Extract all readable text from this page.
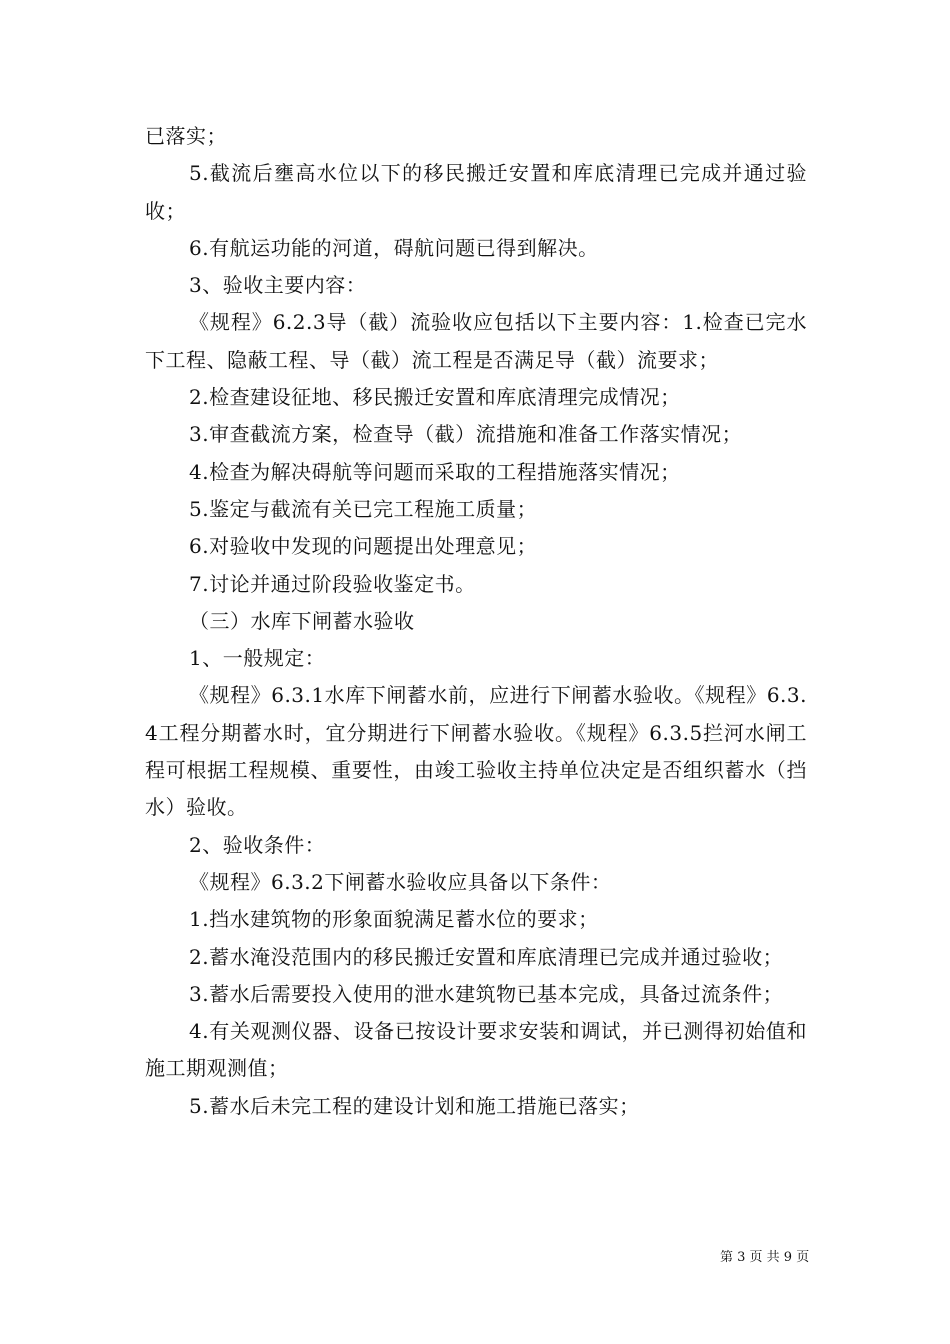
已落实；

5.截流后壅高水位以下的移民搬迁安置和库底清理已完成并通过验收；

6.有航运功能的河道，碍航问题已得到解决。

3、验收主要内容：

《规程》6.2.3导（截）流验收应包括以下主要内容：1.检查已完水下工程、隐蔽工程、导（截）流工程是否满足导（截）流要求；

2.检查建设征地、移民搬迁安置和库底清理完成情况；

3.审查截流方案，检查导（截）流措施和准备工作落实情况；

4.检查为解决碍航等问题而采取的工程措施落实情况；

5.鉴定与截流有关已完工程施工质量；

6.对验收中发现的问题提出处理意见；

7.讨论并通过阶段验收鉴定书。

（三）水库下闸蓄水验收

1、一般规定：

《规程》6.3.1水库下闸蓄水前，应进行下闸蓄水验收。《规程》6.3.4工程分期蓄水时，宜分期进行下闸蓄水验收。《规程》6.3.5拦河水闸工程可根据工程规模、重要性，由竣工验收主持单位决定是否组织蓄水（挡水）验收。

2、验收条件：

《规程》6.3.2下闸蓄水验收应具备以下条件：

1.挡水建筑物的形象面貌满足蓄水位的要求；

2.蓄水淹没范围内的移民搬迁安置和库底清理已完成并通过验收；

3.蓄水后需要投入使用的泄水建筑物已基本完成，具备过流条件；

4.有关观测仪器、设备已按设计要求安装和调试，并已测得初始值和施工期观测值；

5.蓄水后未完工程的建设计划和施工措施已落实；

第 3 页 共 9 页
